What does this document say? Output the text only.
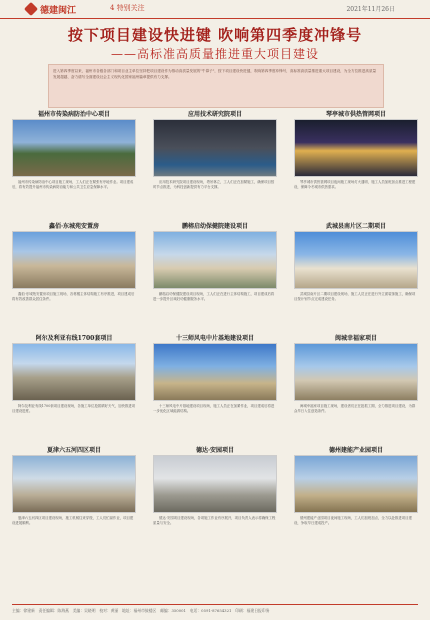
德建闽江	4 特别关注	2021年11月26日
按下项目建设快进键 吹响第四季度冲锋号
——高标准高质量推进重大项目建设
进入第四季度以来，福州市各级各部门和项目业主单位坚持把项目建设作为推动高质量发展的"牛鼻子"，按下项目建设快进键，吹响第四季度冲锋号，高标准高质量推进重大项目建设，为全方位推进高质量发展超越、奋力谱写全面建设社会主义现代化国家福州篇章提供有力支撑。
福州市传染病防治中心项目
福州市传染病防治中心项目施工现场，工人们正在紧张有序地作业。项目建成后，将有效提升福州市传染病防治能力和公共卫生应急保障水平。
应用技术研究院项目
应用技术研究院项目建设现场，塔吊林立，工人们正在加紧施工，确保项目按时节点推进，为科技创新提供有力平台支撑。
琴亭城市供热管网项目
琴亭城市供热管网项目夜间施工现场灯火通明，施工人员加班加点推进工程建设，保障今冬城市供热需求。
鑫佰·东城苑安置房
鑫佰·东城苑安置房项目施工现场，各栋楼主体结构施工有序推进，项目建成后将有效改善群众居住条件。
鹏榕启幼保健院建设项目
鹏榕启幼保健院建设项目现场，工人们正在进行主体结构施工，项目建成后将进一步提升区域妇幼健康服务水平。
武城县南片区二期项目
武城县南片区二期项目建设现场，施工人员正在进行外立面装饰施工，确保项目按计划节点完成建设任务。
阿尔及利亚有线1700套项目
阿尔及利亚有线1700套项目建设现场，各施工单位抢抓晴好天气，加快推进项目建设进度。
十三师风电中片基地建设项目
十三师风电中片基地建设项目现场，施工人员正在加紧作业，项目建成后将进一步优化区域能源结构。
闽城幸福家项目
闽城幸福家项目施工现场，建设者们正在抢抓工期，全力推进项目建设，为群众早日入住创造条件。
夏津六五河四区项目
夏津六五河四区项目建设现场，施工机械往来穿梭，工人们忙碌作业，项目建设进展顺利。
德达·安园项目
德达·安园项目建设现场，各项施工作业有序展开，项目负责人表示将确保工程质量与安全。
德州建能产业园项目
德州建能产业园项目夜间施工现场，工人们加班加点，全力以赴推进项目建设，争取早日建成投产。
主编：徐建新　责任编辑：陈海燕　美编：吴晓明　校对：黄丽　地址：福州市鼓楼区　邮编：350001　电话：0591-87654321　印刷：福建日报印务
